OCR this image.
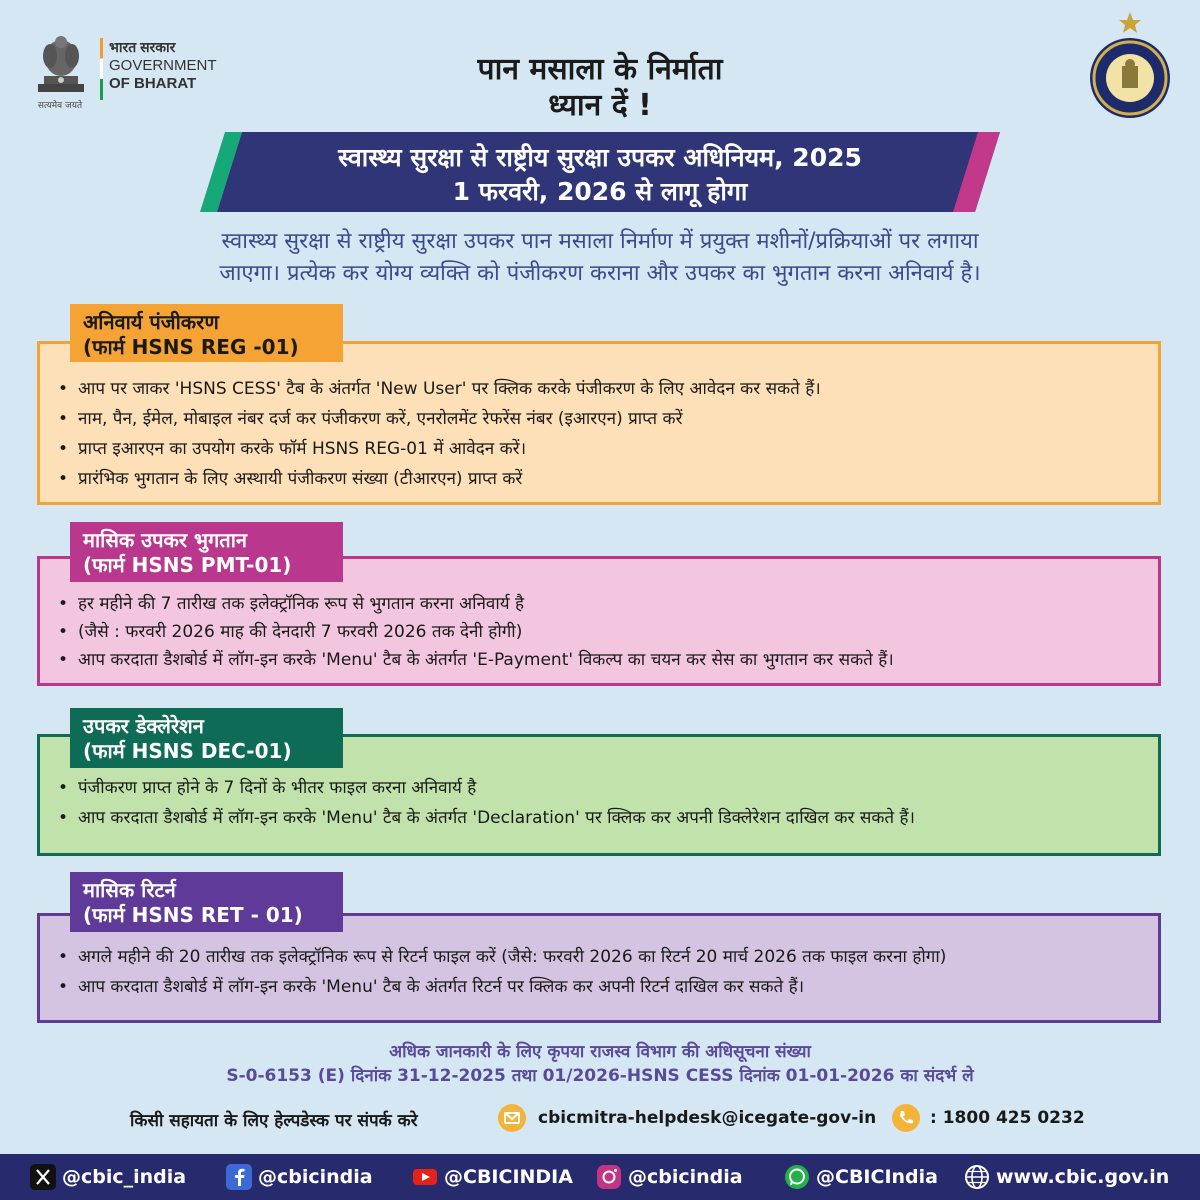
भारत सरकार
GOVERNMENT
OF BHARAT
सत्यमेव जयते
पान मसाला के निर्माता
ध्यान दें !
स्वास्थ्य सुरक्षा से राष्ट्रीय सुरक्षा उपकर अधिनियम, 2025
1 फरवरी, 2026 से लागू होगा
स्वास्थ्य सुरक्षा से राष्ट्रीय सुरक्षा उपकर पान मसाला निर्माण में प्रयुक्त मशीनों/प्रक्रियाओं पर लगाया
जाएगा। प्रत्येक कर योग्य व्यक्ति को पंजीकरण कराना और उपकर का भुगतान करना अनिवार्य है।
अनिवार्य पंजीकरण
(फार्म HSNS REG -01)
• आप पर जाकर 'HSNS CESS' टैब के अंतर्गत 'New User' पर क्लिक करके पंजीकरण के लिए आवेदन कर सकते हैं।
• नाम, पैन, ईमेल, मोबाइल नंबर दर्ज कर पंजीकरण करें, एनरोलमेंट रेफरेंस नंबर (इआरएन) प्राप्त करें
• प्राप्त इआरएन का उपयोग करके फॉर्म HSNS REG-01 में आवेदन करें।
• प्रारंभिक भुगतान के लिए अस्थायी पंजीकरण संख्या (टीआरएन) प्राप्त करें
मासिक उपकर भुगतान
(फार्म HSNS PMT-01)
• हर महीने की 7 तारीख तक इलेक्ट्रॉनिक रूप से भुगतान करना अनिवार्य है
• (जैसे : फरवरी 2026 माह की देनदारी 7 फरवरी 2026 तक देनी होगी)
• आप करदाता डैशबोर्ड में लॉग-इन करके 'Menu' टैब के अंतर्गत 'E-Payment' विकल्प का चयन कर सेस का भुगतान कर सकते हैं।
उपकर डेक्लेरेशन
(फार्म HSNS DEC-01)
• पंजीकरण प्राप्त होने के 7 दिनों के भीतर फाइल करना अनिवार्य है
• आप करदाता डैशबोर्ड में लॉग-इन करके 'Menu' टैब के अंतर्गत 'Declaration' पर क्लिक कर अपनी डिक्लेरेशन दाखिल कर सकते हैं।
मासिक रिटर्न
(फार्म HSNS RET - 01)
• अगले महीने की 20 तारीख तक इलेक्ट्रॉनिक रूप से रिटर्न फाइल करें (जैसे: फरवरी 2026 का रिटर्न 20 मार्च 2026 तक फाइल करना होगा)
• आप करदाता डैशबोर्ड में लॉग-इन करके 'Menu' टैब के अंतर्गत रिटर्न पर क्लिक कर अपनी रिटर्न दाखिल कर सकते हैं।
अधिक जानकारी के लिए कृपया राजस्व विभाग की अधिसूचना संख्या
S-0-6153 (E) दिनांक 31-12-2025 तथा 01/2026-HSNS CESS दिनांक 01-01-2026 का संदर्भ ले
किसी सहायता के लिए हेल्पडेस्क पर संपर्क करे	cbicmitra-helpdesk@icegate-gov-in	: 1800 425 0232
@cbic_india	@cbicindia	@CBICINDIA	@cbicindia	@CBICIndia	www.cbic.gov.in
